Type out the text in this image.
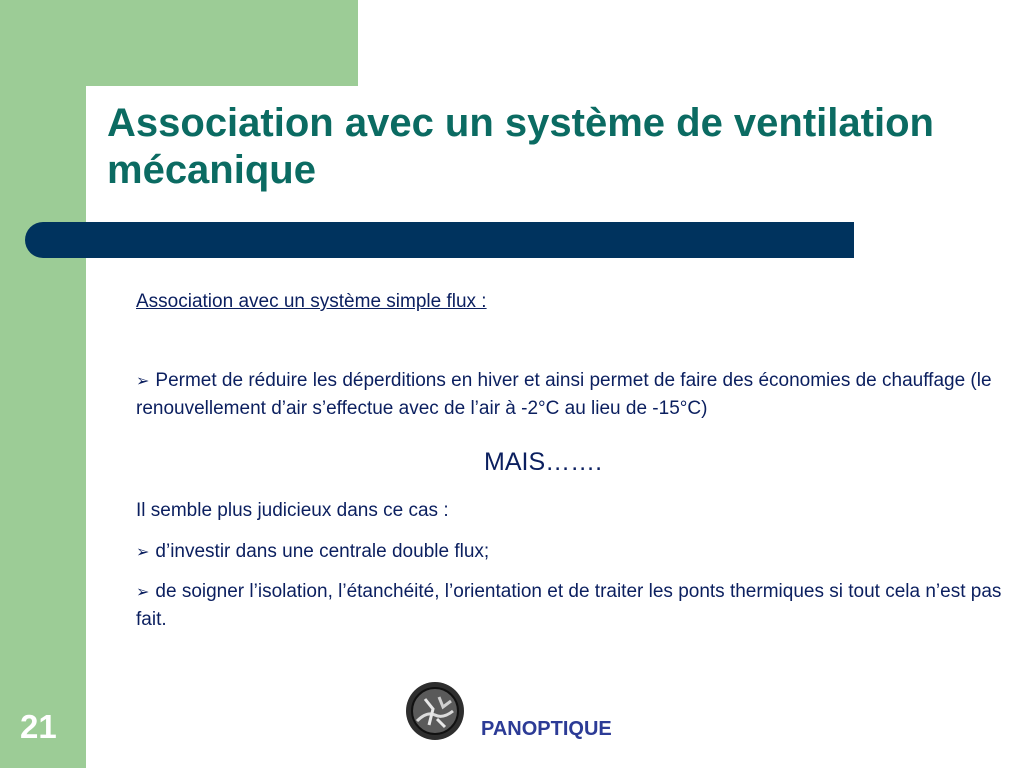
Association avec un système de ventilation mécanique
Association avec un système simple flux :
➢ Permet de réduire les déperditions en hiver et ainsi permet de faire des économies de chauffage (le renouvellement d’air s’effectue avec de l’air à -2°C au lieu de -15°C)
MAIS…….
Il semble plus judicieux dans ce cas :
➢ d’investir dans une centrale double flux;
➢ de soigner l’isolation, l’étanchéité, l’orientation et de traiter les ponts thermiques si tout cela n’est pas fait.
21	PANOPTIQUE
